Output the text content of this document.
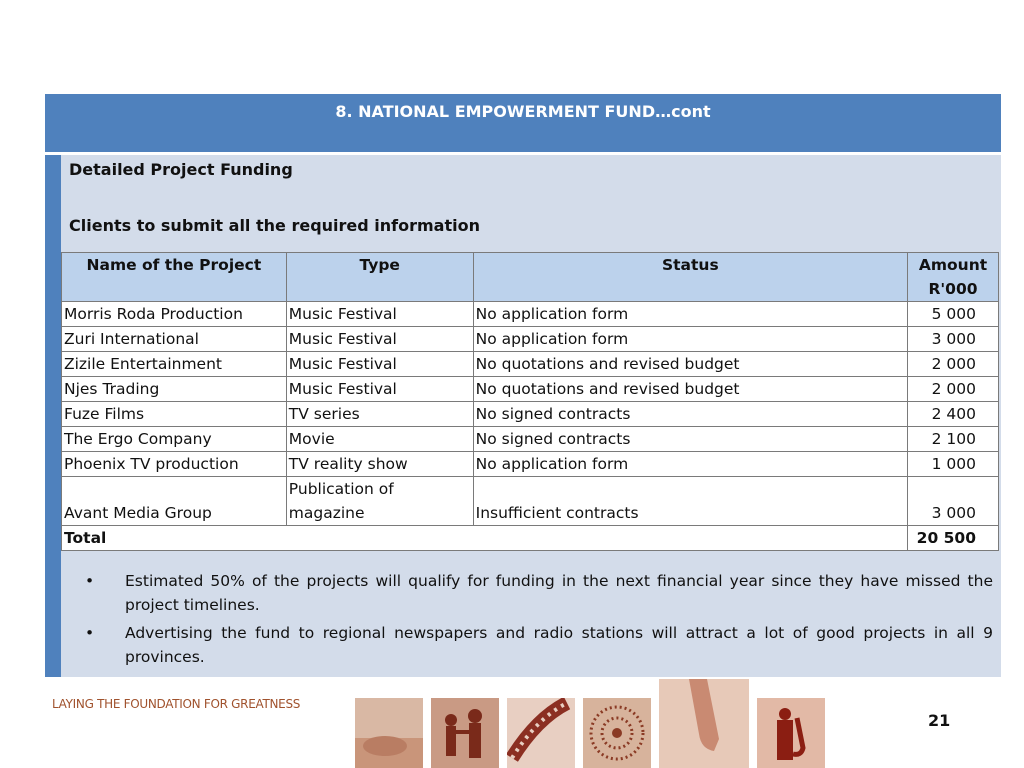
8. NATIONAL EMPOWERMENT FUND…cont
Detailed Project Funding
Clients to submit all the required information
Name of the Project	Type	Status	Amount R'000
Morris Roda Production	Music Festival	No application form	5 000
Zuri International	Music Festival	No application form	3 000
Zizile Entertainment	Music Festival	No quotations and revised budget	2 000
Njes Trading	Music Festival	No quotations and revised budget	2 000
Fuze Films	TV series	No signed contracts	2 400
The Ergo Company	Movie	No signed contracts	2 100
Phoenix TV production	TV reality show	No application form	1 000
Avant Media Group	Publication of magazine	Insufficient contracts	3 000
Total			20 500
• Estimated 50% of the projects will qualify for funding in the next financial year since they have missed the project timelines.
• Advertising the fund to regional newspapers and radio stations will attract a lot of good projects in all 9 provinces.
LAYING THE FOUNDATION FOR GREATNESS
21
